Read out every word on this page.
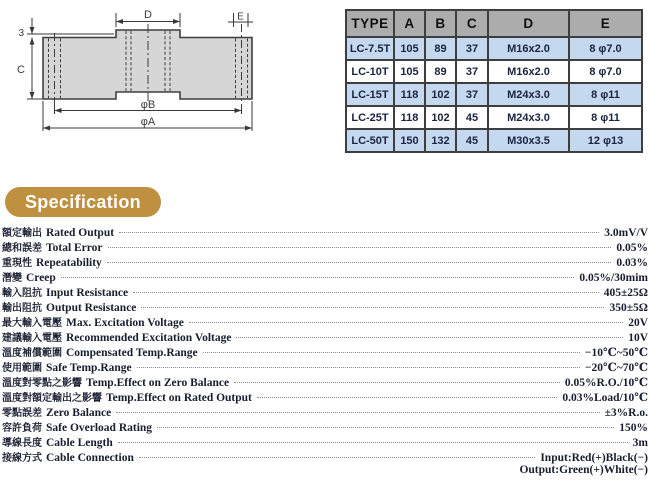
D	E
3
C
φB
φA
TYPE	A	B	C	D	E
LC-7.5T	105	89	37	M16x2.0	8 φ7.0
LC-10T	105	89	37	M16x2.0	8 φ7.0
LC-15T	118	102	37	M24x3.0	8 φ11
LC-25T	118	102	45	M24x3.0	8 φ11
LC-50T	150	132	45	M30x3.5	12 φ13
Specification
額定輸出 Rated Output	3.0mV/V
總和誤差 Total Error	0.05%
重現性 Repeatability	0.03%
潛變 Creep	0.05%/30mim
輸入阻抗 Input Resistance	405±25Ω
輸出阻抗 Output Resistance	350±5Ω
最大輸入電壓 Max. Excitation Voltage	20V
建議輸入電壓 Recommended Excitation Voltage	10V
溫度補償範圍 Compensated Temp.Range	−10℃~50℃
使用範圍 Safe Temp.Range	−20℃~70℃
溫度對零點之影響 Temp.Effect on Zero Balance	0.05%R.O./10℃
溫度對額定輸出之影響 Temp.Effect on Rated Output	0.03%Load/10℃
零點誤差 Zero Balance	±3%R.o.
容許負荷 Safe Overload Rating	150%
導線長度 Cable Length	3m
接線方式 Cable Connection	Input:Red(+)Black(−)
Output:Green(+)White(−)
